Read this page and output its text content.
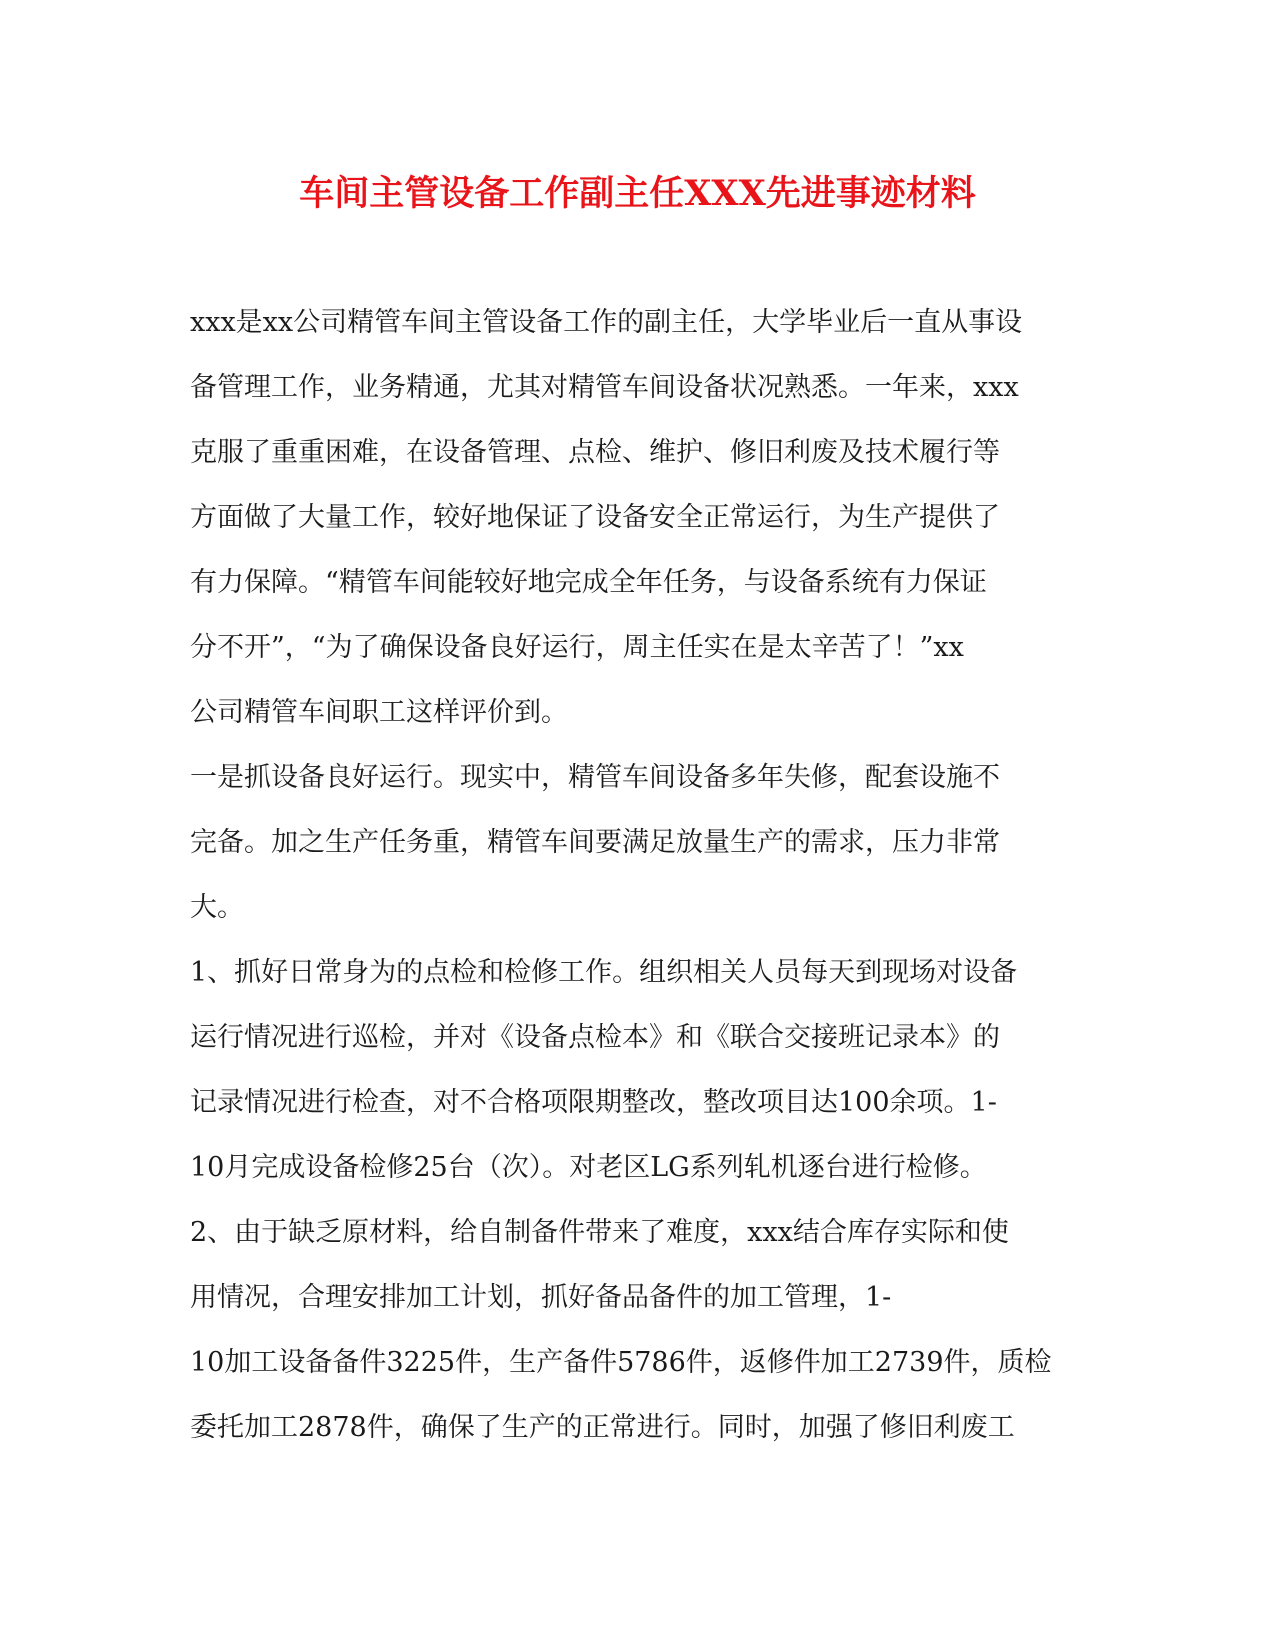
车间主管设备工作副主任XXX先进事迹材料
xxx是xx公司精管车间主管设备工作的副主任，大学毕业后一直从事设
备管理工作，业务精通，尤其对精管车间设备状况熟悉。一年来，xxx
克服了重重困难，在设备管理、点检、维护、修旧利废及技术履行等
方面做了大量工作，较好地保证了设备安全正常运行，为生产提供了
有力保障。“精管车间能较好地完成全年任务，与设备系统有力保证
分不开”，“为了确保设备良好运行，周主任实在是太辛苦了！”xx
公司精管车间职工这样评价到。
一是抓设备良好运行。现实中，精管车间设备多年失修，配套设施不
完备。加之生产任务重，精管车间要满足放量生产的需求，压力非常
大。
1、抓好日常身为的点检和检修工作。组织相关人员每天到现场对设备
运行情况进行巡检，并对《设备点检本》和《联合交接班记录本》的
记录情况进行检查，对不合格项限期整改，整改项目达100余项。1-
10月完成设备检修25台（次）。对老区LG系列轧机逐台进行检修。
2、由于缺乏原材料，给自制备件带来了难度，xxx结合库存实际和使
用情况，合理安排加工计划，抓好备品备件的加工管理，1-
10加工设备备件3225件，生产备件5786件，返修件加工2739件，质检
委托加工2878件，确保了生产的正常进行。同时，加强了修旧利废工
